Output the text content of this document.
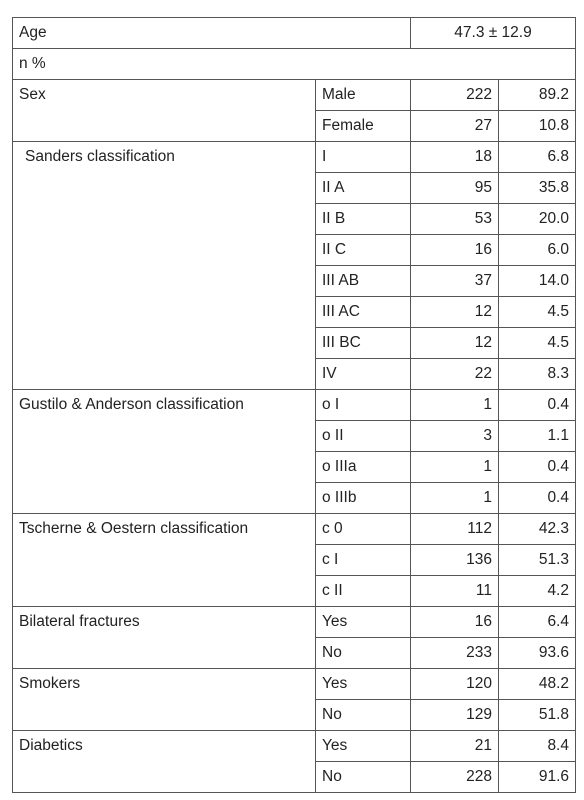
Age		47.3 ± 12.9	
n %			
Sex	Male	222	89.2
	Female	27	10.8
Sanders classification	I	18	6.8
	II A	95	35.8
	II B	53	20.0
	II C	16	6.0
	III AB	37	14.0
	III AC	12	4.5
	III BC	12	4.5
	IV	22	8.3
Gustilo & Anderson classification	o I	1	0.4
	o II	3	1.1
	o IIIa	1	0.4
	o IIIb	1	0.4
Tscherne & Oestern classification	c 0	112	42.3
	c I	136	51.3
	c II	11	4.2
Bilateral fractures	Yes	16	6.4
	No	233	93.6
Smokers	Yes	120	48.2
	No	129	51.8
Diabetics	Yes	21	8.4
	No	228	91.6
